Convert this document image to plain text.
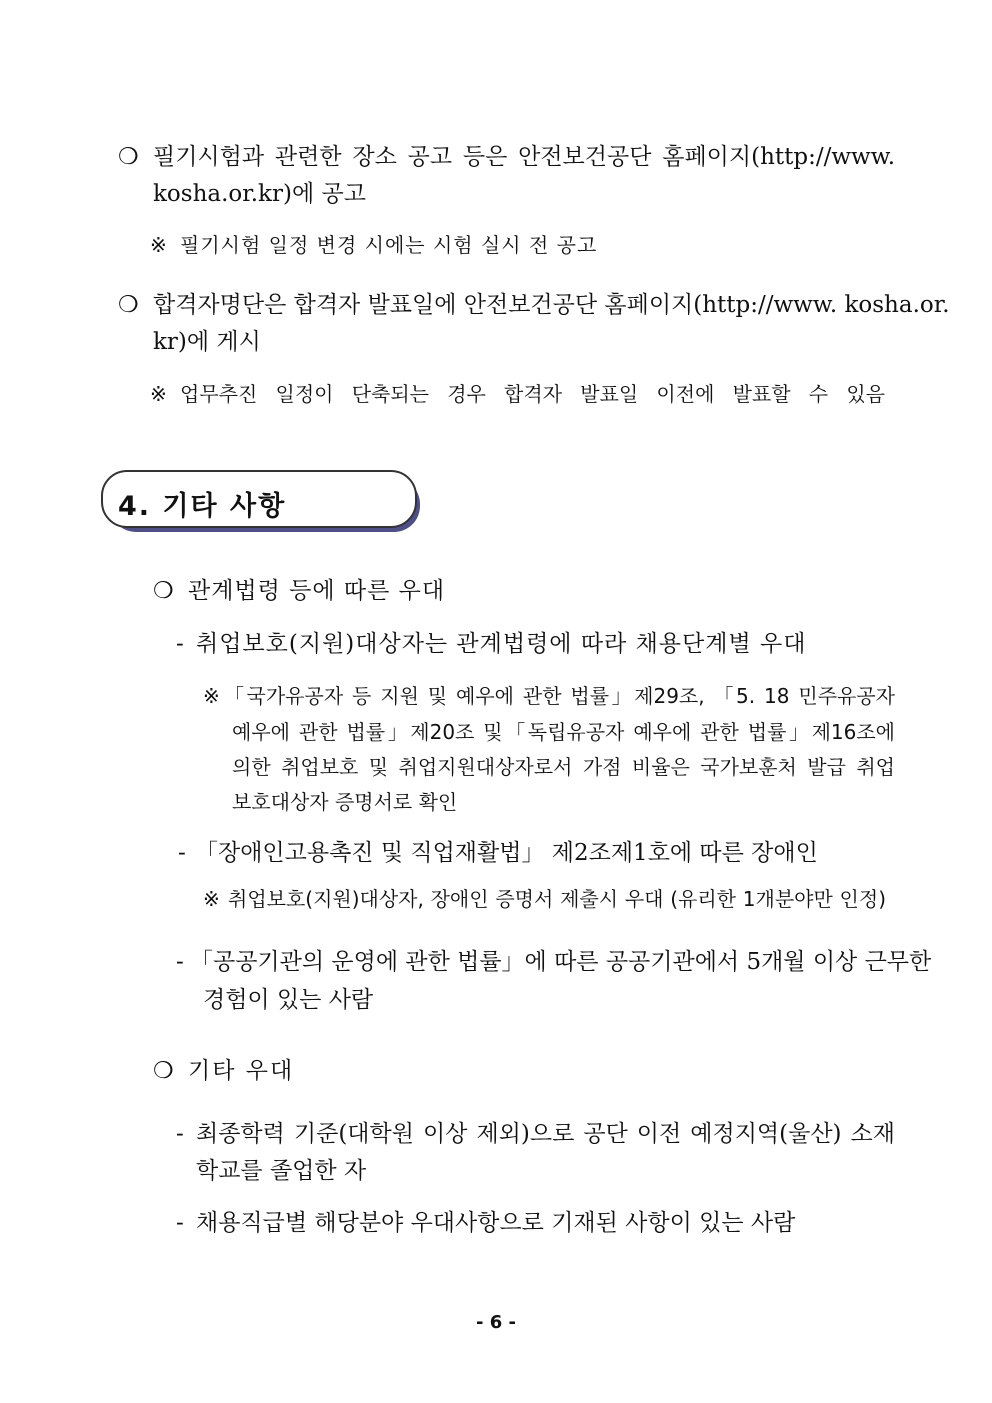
❍ 필기시험과 관련한 장소 공고 등은 안전보건공단 홈페이지(http://www.
kosha.or.kr)에 공고
※ 필기시험 일정 변경 시에는 시험 실시 전 공고
❍ 합격자명단은 합격자 발표일에 안전보건공단 홈페이지(http://www. kosha.or.
kr)에 게시
※ 업무추진 일정이 단축되는 경우 합격자 발표일 이전에 발표할 수 있음
4. 기타 사항
❍ 관계법령 등에 따른 우대
- 취업보호(지원)대상자는 관계법령에 따라 채용단계별 우대
※ 「국가유공자 등 지원 및 예우에 관한 법률」제29조, 「5. 18 민주유공자
예우에 관한 법률」제20조 및「독립유공자 예우에 관한 법률」제16조에
의한 취업보호 및 취업지원대상자로서 가점 비율은 국가보훈처 발급 취업
보호대상자 증명서로 확인
- 「장애인고용촉진 및 직업재활법」 제2조제1호에 따른 장애인
※ 취업보호(지원)대상자, 장애인 증명서 제출시 우대 (유리한 1개분야만 인정)
- 「공공기관의 운영에 관한 법률」에 따른 공공기관에서 5개월 이상 근무한
경험이 있는 사람
❍ 기타 우대
- 최종학력 기준(대학원 이상 제외)으로 공단 이전 예정지역(울산) 소재
학교를 졸업한 자
- 채용직급별 해당분야 우대사항으로 기재된 사항이 있는 사람
- 6 -
